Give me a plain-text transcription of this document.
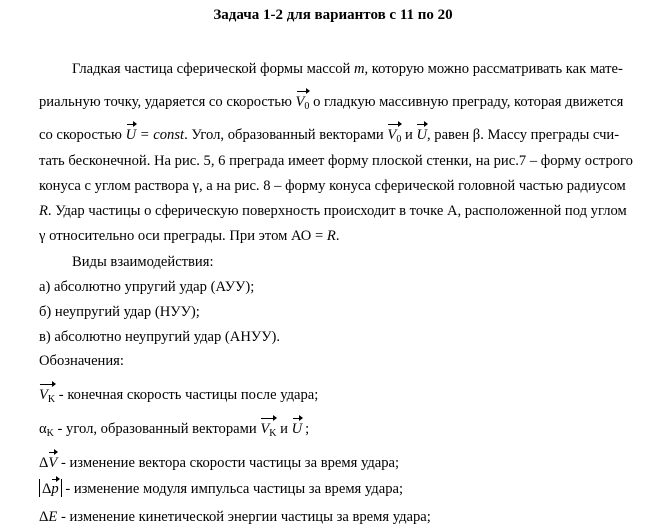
Задача 1-2 для вариантов с 11 по 20
Гладкая частица сферической формы массой m, которую можно рассматривать как мате-
риальную точку, ударяется со скоростью $V_0$ о гладкую массивную преграду, которая движется
со скоростью U = const. Угол, образованный векторами $V_0$ и U, равен β. Массу преграды счи-
тать бесконечной. На рис. 5, 6 преграда имеет форму плоской стенки, на рис.7 – форму острого
конуса с углом раствора γ, а на рис. 8 – форму конуса сферической головной частью радиусом
R. Удар частицы о сферическую поверхность происходит в точке А, расположенной под углом
γ относительно оси преграды. При этом АО = R.
Виды взаимодействия:
а) абсолютно упругий удар (АУУ);
б) неупругий удар (НУУ);
в) абсолютно неупругий удар (АНУУ).
Обозначения:
$V_K$ - конечная скорость частицы после удара;
$\alpha_K$ - угол, образованный векторами $V_K$ и U ;
ΔV - изменение вектора скорости частицы за время удара;
Δp - изменение модуля импульса частицы за время удара;
ΔE - изменение кинетической энергии частицы за время удара;
